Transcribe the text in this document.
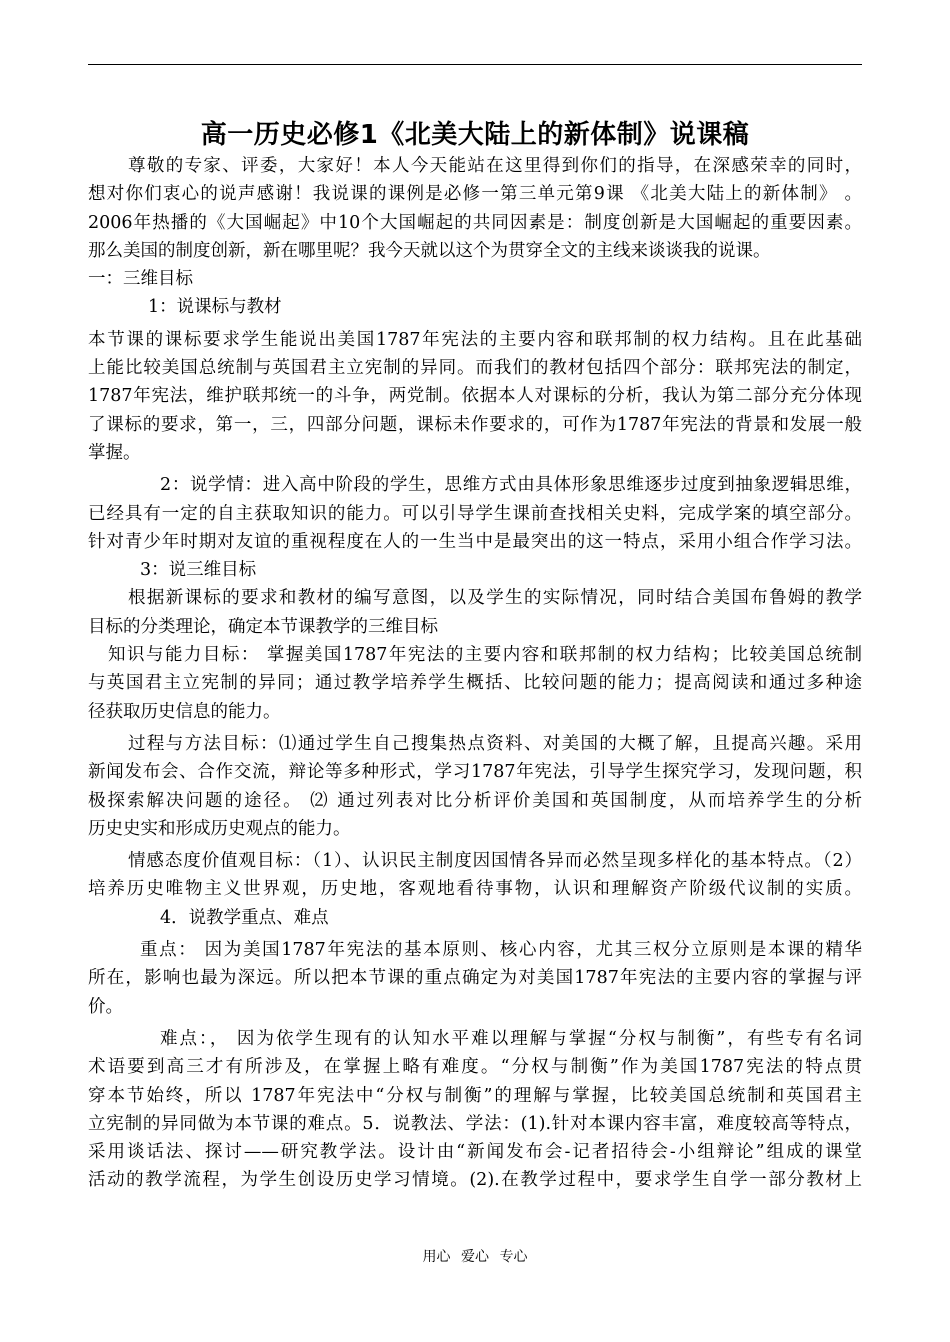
高一历史必修1《北美大陆上的新体制》说课稿
尊敬的专家、评委，大家好！本人今天能站在这里得到你们的指导，在深感荣幸的同时，
想对你们衷心的说声感谢！我说课的课例是必修一第三单元第9课 《北美大陆上的新体制》 。
2006年热播的《大国崛起》中10个大国崛起的共同因素是：制度创新是大国崛起的重要因素。
那么美国的制度创新，新在哪里呢？我今天就以这个为贯穿全文的主线来谈谈我的说课。
一：三维目标
1：说课标与教材
本节课的课标要求学生能说出美国1787年宪法的主要内容和联邦制的权力结构。且在此基础
上能比较美国总统制与英国君主立宪制的异同。而我们的教材包括四个部分：联邦宪法的制定，
1787年宪法，维护联邦统一的斗争，两党制。依据本人对课标的分析，我认为第二部分充分体现
了课标的要求，第一，三，四部分问题，课标未作要求的，可作为1787年宪法的背景和发展一般
掌握。
2：说学情：进入高中阶段的学生，思维方式由具体形象思维逐步过度到抽象逻辑思维，
已经具有一定的自主获取知识的能力。可以引导学生课前查找相关史料，完成学案的填空部分。
针对青少年时期对友谊的重视程度在人的一生当中是最突出的这一特点，采用小组合作学习法。
3：说三维目标
根据新课标的要求和教材的编写意图，以及学生的实际情况，同时结合美国布鲁姆的教学
目标的分类理论，确定本节课教学的三维目标
知识与能力目标： 掌握美国1787年宪法的主要内容和联邦制的权力结构；比较美国总统制
与英国君主立宪制的异同；通过教学培养学生概括、比较问题的能力；提高阅读和通过多种途
径获取历史信息的能力。
过程与方法目标：⑴通过学生自己搜集热点资料、对美国的大概了解，且提高兴趣。采用
新闻发布会、合作交流，辩论等多种形式，学习1787年宪法，引导学生探究学习，发现问题，积
极探索解决问题的途径。 ⑵ 通过列表对比分析评价美国和英国制度，从而培养学生的分析
历史史实和形成历史观点的能力。
情感态度价值观目标：（1）、认识民主制度因国情各异而必然呈现多样化的基本特点。（2）
培养历史唯物主义世界观，历史地，客观地看待事物，认识和理解资产阶级代议制的实质。
4．说教学重点、难点
重点： 因为美国1787年宪法的基本原则、核心内容，尤其三权分立原则是本课的精华
所在，影响也最为深远。所以把本节课的重点确定为对美国1787年宪法的主要内容的掌握与评
价。
难点：， 因为依学生现有的认知水平难以理解与掌握“分权与制衡”，有些专有名词
术语要到高三才有所涉及，在掌握上略有难度。“分权与制衡”作为美国1787宪法的特点贯
穿本节始终，所以 1787年宪法中“分权与制衡”的理解与掌握，比较美国总统制和英国君主
立宪制的异同做为本节课的难点。5．说教法、学法：(1).针对本课内容丰富，难度较高等特点，
采用谈话法、探讨——研究教学法。设计由“新闻发布会-记者招待会-小组辩论”组成的课堂
活动的教学流程，为学生创设历史学习情境。(2).在教学过程中，要求学生自学一部分教材上
用心 爱心 专心
